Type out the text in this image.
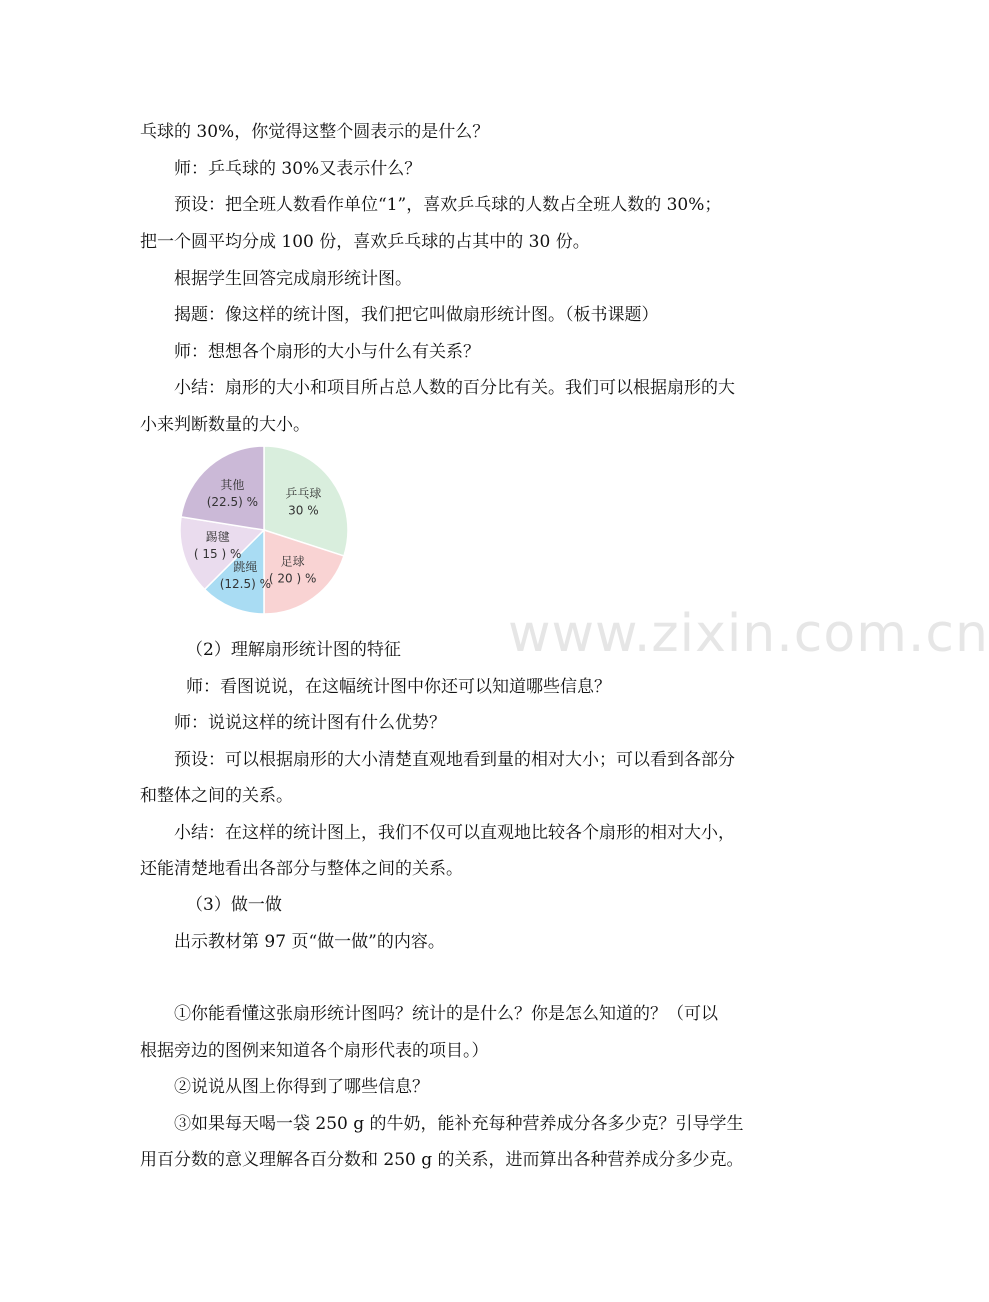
乓球的 30%，你觉得这整个圆表示的是什么？
师：乒乓球的 30%又表示什么？
预设：把全班人数看作单位“1”，喜欢乒乓球的人数占全班人数的 30%；
把一个圆平均分成 100 份，喜欢乒乓球的占其中的 30 份。
根据学生回答完成扇形统计图。
揭题：像这样的统计图，我们把它叫做扇形统计图。（板书课题）
师：想想各个扇形的大小与什么有关系？
小结：扇形的大小和项目所占总人数的百分比有关。我们可以根据扇形的大
小来判断数量的大小。
乒乓球
30 %
足球
( 20 ) %
跳绳
(12.5) %
踢毽
( 15 ) %
其他
(22.5) %
www.zixin.com.cn
（2）理解扇形统计图的特征
师：看图说说，在这幅统计图中你还可以知道哪些信息？
师：说说这样的统计图有什么优势？
预设：可以根据扇形的大小清楚直观地看到量的相对大小；可以看到各部分
和整体之间的关系。
小结：在这样的统计图上，我们不仅可以直观地比较各个扇形的相对大小，
还能清楚地看出各部分与整体之间的关系。
（3）做一做
出示教材第 97 页“做一做”的内容。
①你能看懂这张扇形统计图吗？统计的是什么？你是怎么知道的？（可以
根据旁边的图例来知道各个扇形代表的项目。）
②说说从图上你得到了哪些信息？
③如果每天喝一袋 250 g 的牛奶，能补充每种营养成分各多少克？引导学生
用百分数的意义理解各百分数和 250 g 的关系，进而算出各种营养成分多少克。
